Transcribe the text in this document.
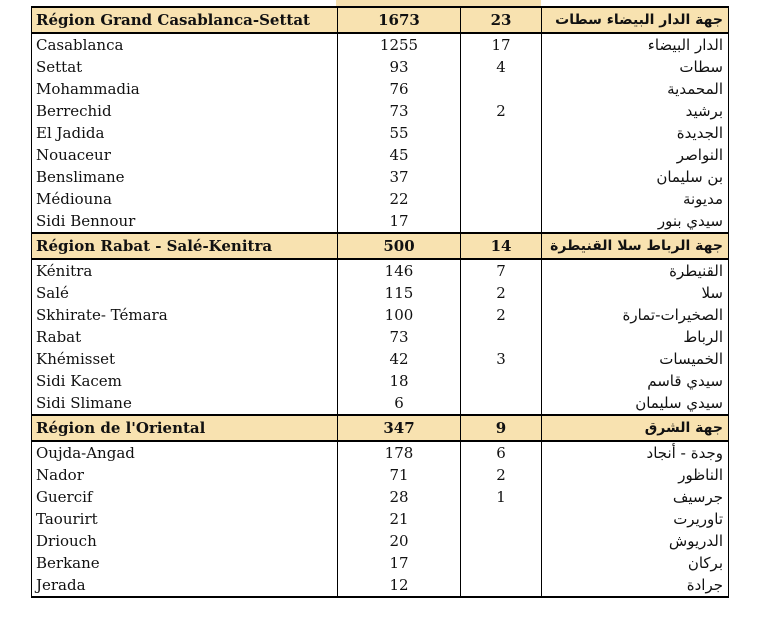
Région Grand Casablanca-Settat	1673	23	جهة الدار البيضاء سطات
Casablanca	1255	17	الدار البيضاء
Settat	93	4	سطات
Mohammadia	76		المحمدية
Berrechid	73	2	برشيد
El Jadida	55		الجديدة
Nouaceur	45		النواصر
Benslimane	37		بن سليمان
Médiouna	22		مديونة
Sidi Bennour	17		سيدي بنور
Région Rabat - Salé-Kenitra	500	14	جهة الرباط سلا القنيطرة
Kénitra	146	7	القنيطرة
Salé	115	2	سلا
Skhirate- Témara	100	2	الصخيرات-تمارة
Rabat	73		الرباط
Khémisset	42	3	الخميسات
Sidi Kacem	18		سيدي قاسم
Sidi Slimane	6		سيدي سليمان
Région de l'Oriental	347	9	جهة الشرق
Oujda-Angad	178	6	وجدة - أنجاد
Nador	71	2	الناظور
Guercif	28	1	جرسيف
Taourirt	21		تاوريرت
Driouch	20		الدريوش
Berkane	17		بركان
Jerada	12		جرادة
